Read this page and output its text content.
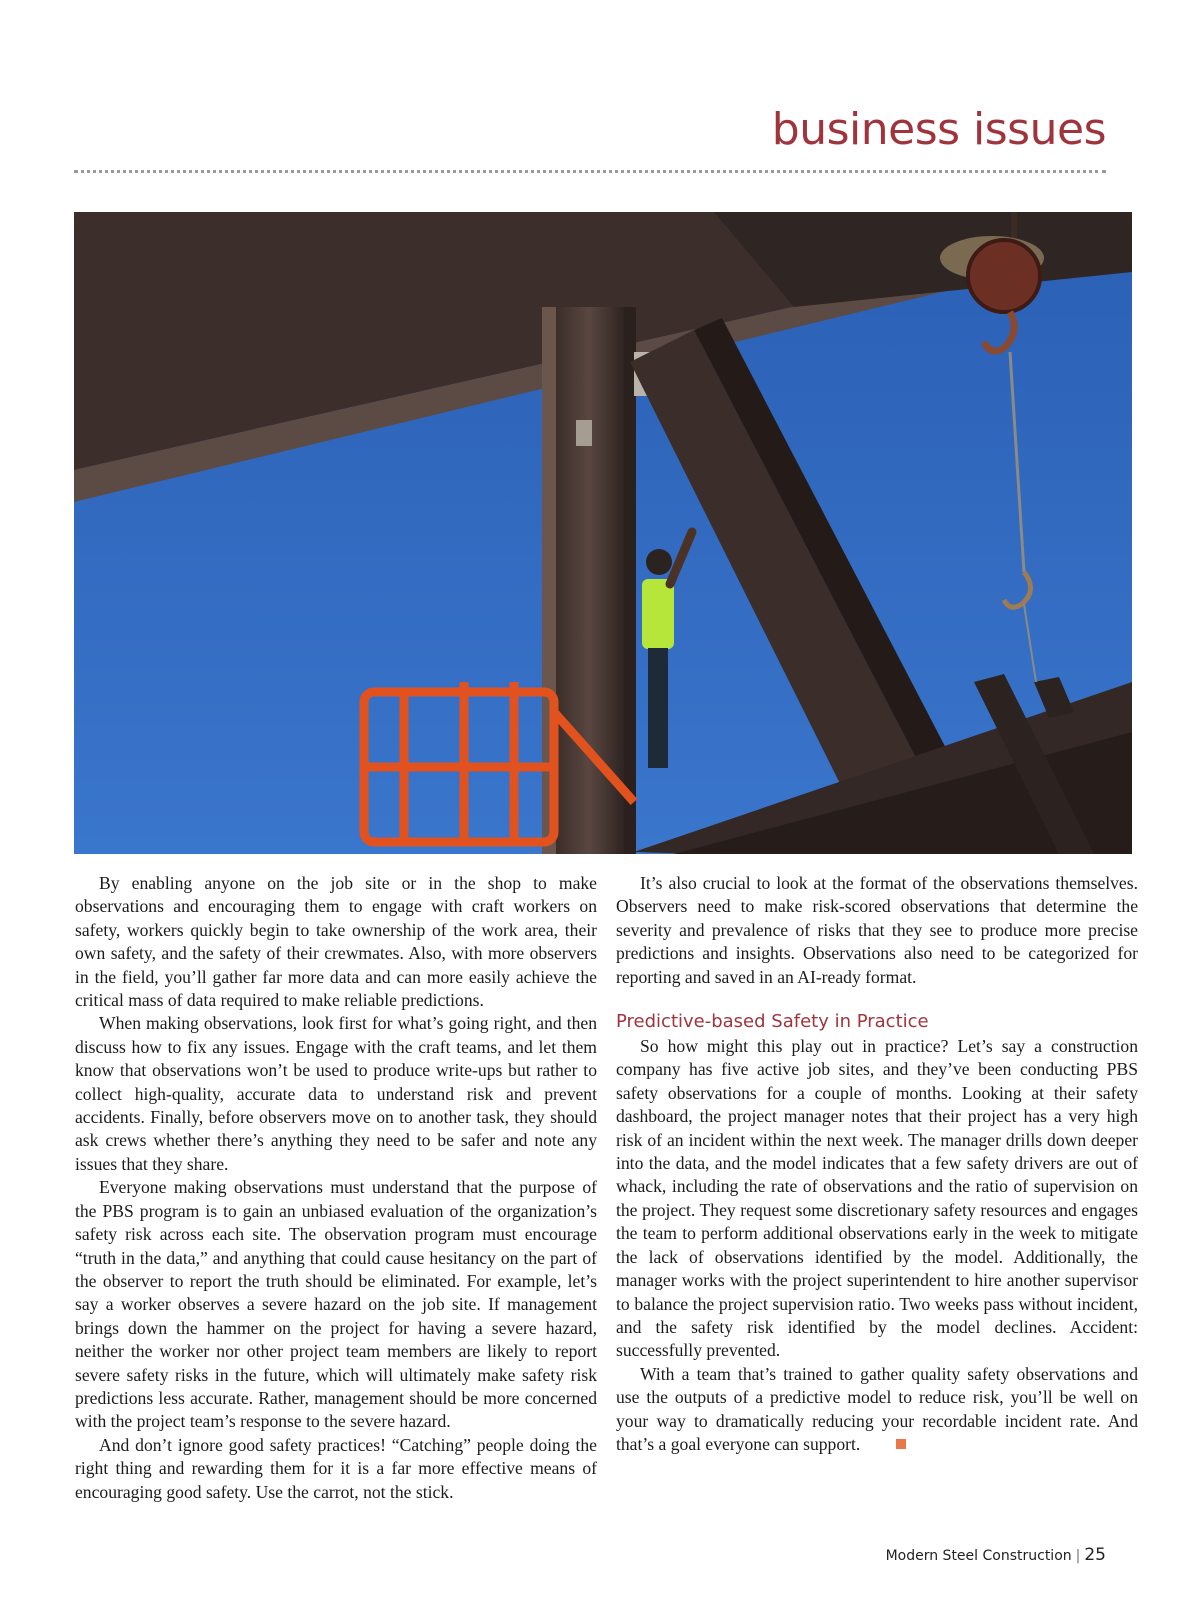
business issues

By enabling anyone on the job site or in the shop to make observations and encouraging them to engage with craft workers on safety, workers quickly begin to take ownership of the work area, their own safety, and the safety of their crewmates. Also, with more observers in the field, you’ll gather far more data and can more easily achieve the critical mass of data required to make reliable predictions.

When making observations, look first for what’s going right, and then discuss how to fix any issues. Engage with the craft teams, and let them know that observations won’t be used to produce write-ups but rather to collect high-quality, accurate data to understand risk and prevent accidents. Finally, before observers move on to another task, they should ask crews whether there’s anything they need to be safer and note any issues that they share.

Everyone making observations must understand that the purpose of the PBS program is to gain an unbiased evaluation of the organization’s safety risk across each site. The observation program must encourage “truth in the data,” and anything that could cause hesitancy on the part of the observer to report the truth should be eliminated. For example, let’s say a worker observes a severe hazard on the job site. If management brings down the hammer on the project for having a severe hazard, neither the worker nor other project team members are likely to report severe safety risks in the future, which will ultimately make safety risk predictions less accurate. Rather, management should be more concerned with the project team’s response to the severe hazard.

And don’t ignore good safety practices! “Catching” people doing the right thing and rewarding them for it is a far more effective means of encouraging good safety. Use the carrot, not the stick.

It’s also crucial to look at the format of the observations themselves. Observers need to make risk-scored observations that determine the severity and prevalence of risks that they see to produce more precise predictions and insights. Observations also need to be categorized for reporting and saved in an AI-ready format.

Predictive-based Safety in Practice

So how might this play out in practice? Let’s say a construction company has five active job sites, and they’ve been conducting PBS safety observations for a couple of months. Looking at their safety dashboard, the project manager notes that their project has a very high risk of an incident within the next week. The manager drills down deeper into the data, and the model indicates that a few safety drivers are out of whack, including the rate of observations and the ratio of supervision on the project. They request some discretionary safety resources and engages the team to perform additional observations early in the week to mitigate the lack of observations identified by the model. Additionally, the manager works with the project superintendent to hire another supervisor to balance the project supervision ratio. Two weeks pass without incident, and the safety risk identified by the model declines. Accident: successfully prevented.

With a team that’s trained to gather quality safety observations and use the outputs of a predictive model to reduce risk, you’ll be well on your way to dramatically reducing your recordable incident rate. And that’s a goal everyone can support.

Modern Steel Construction | 25
